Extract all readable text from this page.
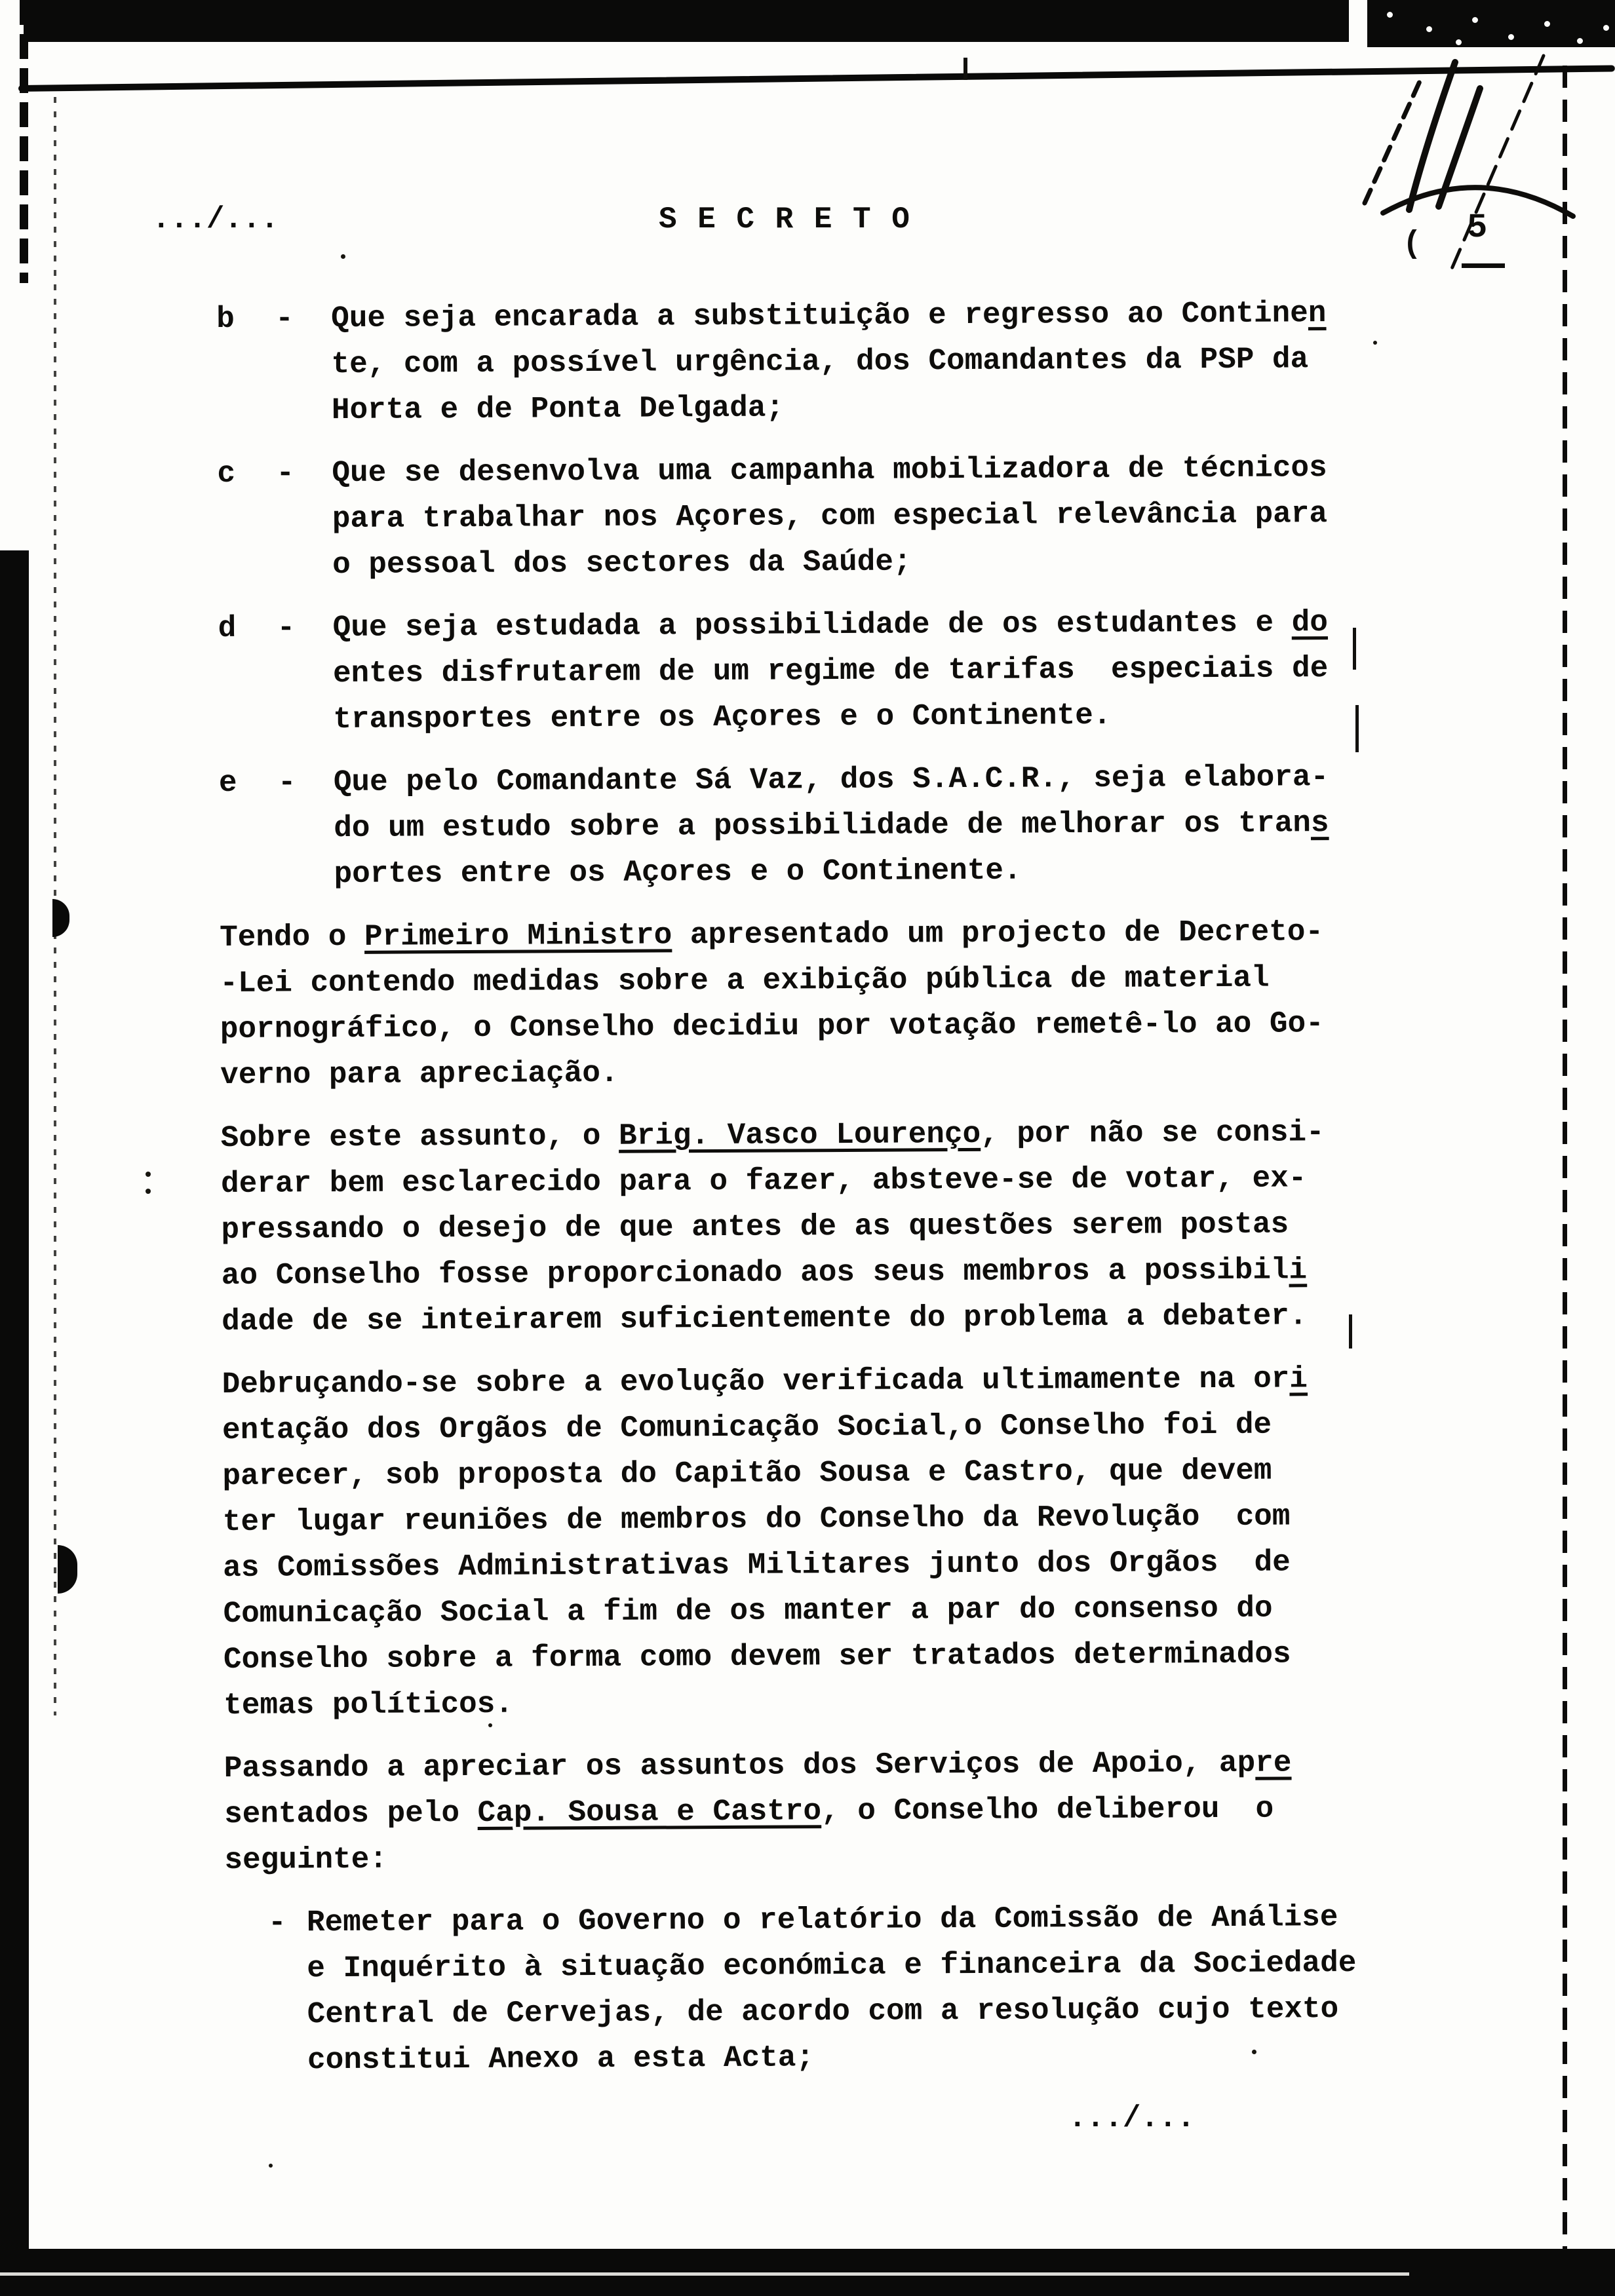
( 5
.../...	S E C R E T O
b	-	Que seja encarada a substituição e regresso ao Continen
te, com a possível urgência, dos Comandantes da PSP da
Horta e de Ponta Delgada;
c	-	Que se desenvolva uma campanha mobilizadora de técnicos
para trabalhar nos Açores, com especial relevância para
o pessoal dos sectores da Saúde;
d	-	Que seja estudada a possibilidade de os estudantes e do
entes disfrutarem de um regime de tarifas  especiais de
transportes entre os Açores e o Continente.
e	-	Que pelo Comandante Sá Vaz, dos S.A.C.R., seja elabora-
do um estudo sobre a possibilidade de melhorar os trans
portes entre os Açores e o Continente.
Tendo o Primeiro Ministro apresentado um projecto de Decreto-
-Lei contendo medidas sobre a exibição pública de material
pornográfico, o Conselho decidiu por votação remetê-lo ao Go-
verno para apreciação.
Sobre este assunto, o Brig. Vasco Lourenço, por não se consi-
derar bem esclarecido para o fazer, absteve-se de votar, ex-
pressando o desejo de que antes de as questões serem postas
ao Conselho fosse proporcionado aos seus membros a possibili
dade de se inteirarem suficientemente do problema a debater.
Debruçando-se sobre a evolução verificada ultimamente na ori
entação dos Orgãos de Comunicação Social,o Conselho foi de
parecer, sob proposta do Capitão Sousa e Castro, que devem
ter lugar reuniões de membros do Conselho da Revolução  com
as Comissões Administrativas Militares junto dos Orgãos  de
Comunicação Social a fim de os manter a par do consenso do
Conselho sobre a forma como devem ser tratados determinados
temas políticos.
Passando a apreciar os assuntos dos Serviços de Apoio, apre
sentados pelo Cap. Sousa e Castro, o Conselho deliberou  o
seguinte:
- Remeter para o Governo o relatório da Comissão de Análise
e Inquérito à situação económica e financeira da Sociedade
Central de Cervejas, de acordo com a resolução cujo texto
constitui Anexo a esta Acta;
.../...
